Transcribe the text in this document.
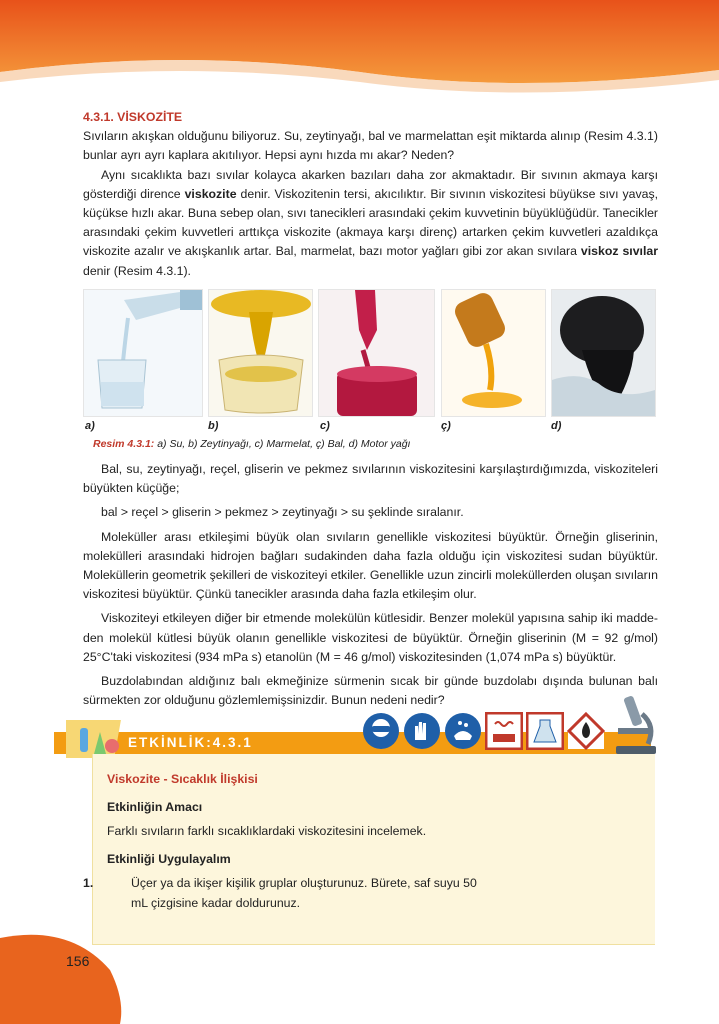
4.3.1. VİSKOZİTE

Sıvıların akışkan olduğunu biliyoruz. Su, zeytinyağı, bal ve marmelattan eşit miktarda alınıp (Resim 4.3.1) bunlar ayrı ayrı kaplara akıtılıyor. Hepsi aynı hızda mı akar? Neden?

Aynı sıcaklıkta bazı sıvılar kolayca akarken bazıları daha zor akmaktadır. Bir sıvının akmaya karşı gösterdiği dirence viskozite denir. Viskozitenin tersi, akıcılıktır. Bir sıvının viskozitesi büyükse sıvı yavaş, küçükse hızlı akar. Buna sebep olan, sıvı tanecikleri arasındaki çekim kuvvetinin büyüklüğüdür. Tanecikler arasındaki çekim kuvvetleri arttıkça viskozite (akmaya karşı direnç) artarken çekim kuvvetleri azaldıkça viskozite azalır ve akışkanlık artar. Bal, marmelat, bazı motor yağları gibi zor akan sıvılara viskoz sıvılar denir (Resim 4.3.1).

a)	b)	c)	ç)	d)

Resim 4.3.1: a) Su, b) Zeytinyağı, c) Marmelat, ç) Bal, d) Motor yağı

Bal, su, zeytinyağı, reçel, gliserin ve pekmez sıvılarının viskozitesini karşılaştırdığımızda, viskoziteleri büyükten küçüğe;

bal > reçel > gliserin > pekmez > zeytinyağı > su şeklinde sıralanır.

Moleküller arası etkileşimi büyük olan sıvıların genellikle viskozitesi büyüktür. Örneğin gliserinin, molekülleri arasındaki hidrojen bağları sudakinden daha fazla olduğu için viskozitesi sudan büyüktür. Moleküllerin geometrik şekilleri de viskoziteyi etkiler. Genellikle uzun zincirli moleküllerden oluşan sıvıların viskozitesi büyüktür. Çünkü tanecikler arasında daha fazla etkileşim olur.

Viskoziteyi etkileyen diğer bir etmende molekülün kütlesidir. Benzer molekül yapısına sahip iki maddeden molekül kütlesi büyük olanın genellikle viskozitesi de büyüktür. Örneğin gliserinin (M = 92 g/mol) 25°C'taki viskozitesi (934 mPa s) etanolün (M = 46 g/mol) viskozitesinden (1,074 mPa s) büyüktür.

Buzdolabından aldığınız balı ekmeğinize sürmenin sıcak bir günde buzdolabı dışında bulunan balı sürmekten zor olduğunu gözlemlemişsinizdir. Bunun nedeni nedir?

ETKİNLİK:4.3.1

Viskozite - Sıcaklık İlişkisi

Etkinliğin Amacı

Farklı sıvıların farklı sıcaklıklardaki viskozitesini incelemek.

Etkinliği Uygulayalım

1.	Üçer ya da ikişer kişilik gruplar oluşturunuz. Bürete, saf suyu 50 mL çizgisine kadar doldurunuz.

156
